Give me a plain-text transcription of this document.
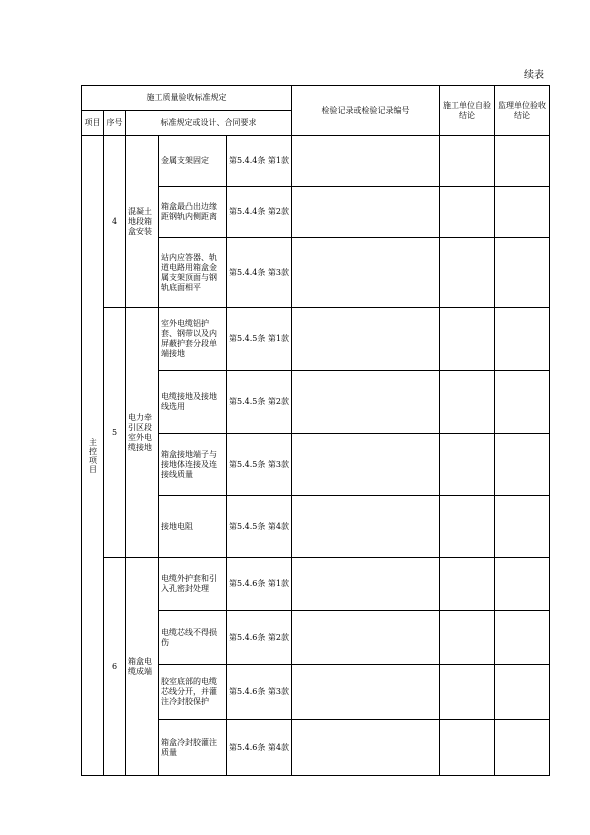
续表
施工质量验收标准规定					检验记录或检验记录编号	施工单位自验结论	监理单位验收结论
项目	序号	标准规定或设计、合同要求					

主控项目	4	混凝土地段箱盒安装	金属支架固定	第5.4.4条 第1款			
			箱盒最凸出边缘距钢轨内侧距离	第5.4.4条 第2款			
			站内应答器、轨道电路用箱盒金属支架顶面与钢轨底面相平	第5.4.4条 第3款			
	5	电力牵引区段室外电缆接地	室外电缆铝护套、钢带以及内屏蔽护套分段单端接地	第5.4.5条 第1款			
			电缆接地及接地线选用	第5.4.5条 第2款			
			箱盒接地端子与接地体连接及连接线质量	第5.4.5条 第3款			
			接地电阻	第5.4.5条 第4款			
	6	箱盒电缆成端	电缆外护套和引入孔密封处理	第5.4.6条 第1款			
			电缆芯线不得损伤	第5.4.6条 第2款			
			胶室底部的电缆芯线分开，并灌注冷封胶保护	第5.4.6条 第3款			
			箱盒冷封胶灌注质量	第5.4.6条 第4款			
